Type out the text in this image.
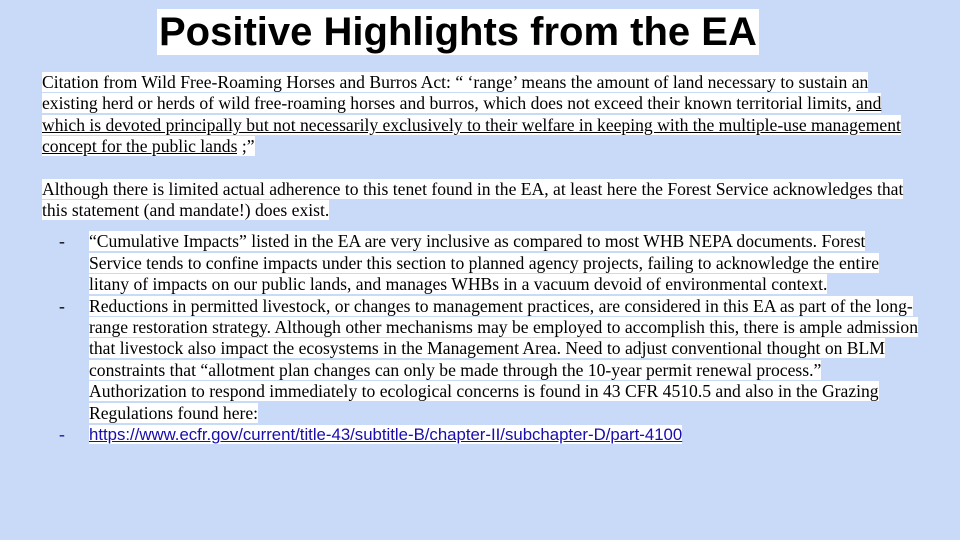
Positive Highlights from the EA

Citation from Wild Free-Roaming Horses and Burros Act: “ ‘range’ means the amount of land necessary to sustain an existing herd or herds of wild free-roaming horses and burros, which does not exceed their known territorial limits, and which is devoted principally but not necessarily exclusively to their welfare in keeping with the multiple-use management concept for the public lands ;”

Although there is limited actual adherence to this tenet found in the EA, at least here the Forest Service acknowledges that this statement (and mandate!) does exist.

- “Cumulative Impacts” listed in the EA are very inclusive as compared to most WHB NEPA documents. Forest Service tends to confine impacts under this section to planned agency projects, failing to acknowledge the entire litany of impacts on our public lands, and manages WHBs in a vacuum devoid of environmental context.
- Reductions in permitted livestock, or changes to management practices, are considered in this EA as part of the long-range restoration strategy. Although other mechanisms may be employed to accomplish this, there is ample admission that livestock also impact the ecosystems in the Management Area. Need to adjust conventional thought on BLM constraints that “allotment plan changes can only be made through the 10-year permit renewal process.” Authorization to respond immediately to ecological concerns is found in 43 CFR 4510.5 and also in the Grazing Regulations found here:
- https://www.ecfr.gov/current/title-43/subtitle-B/chapter-II/subchapter-D/part-4100
